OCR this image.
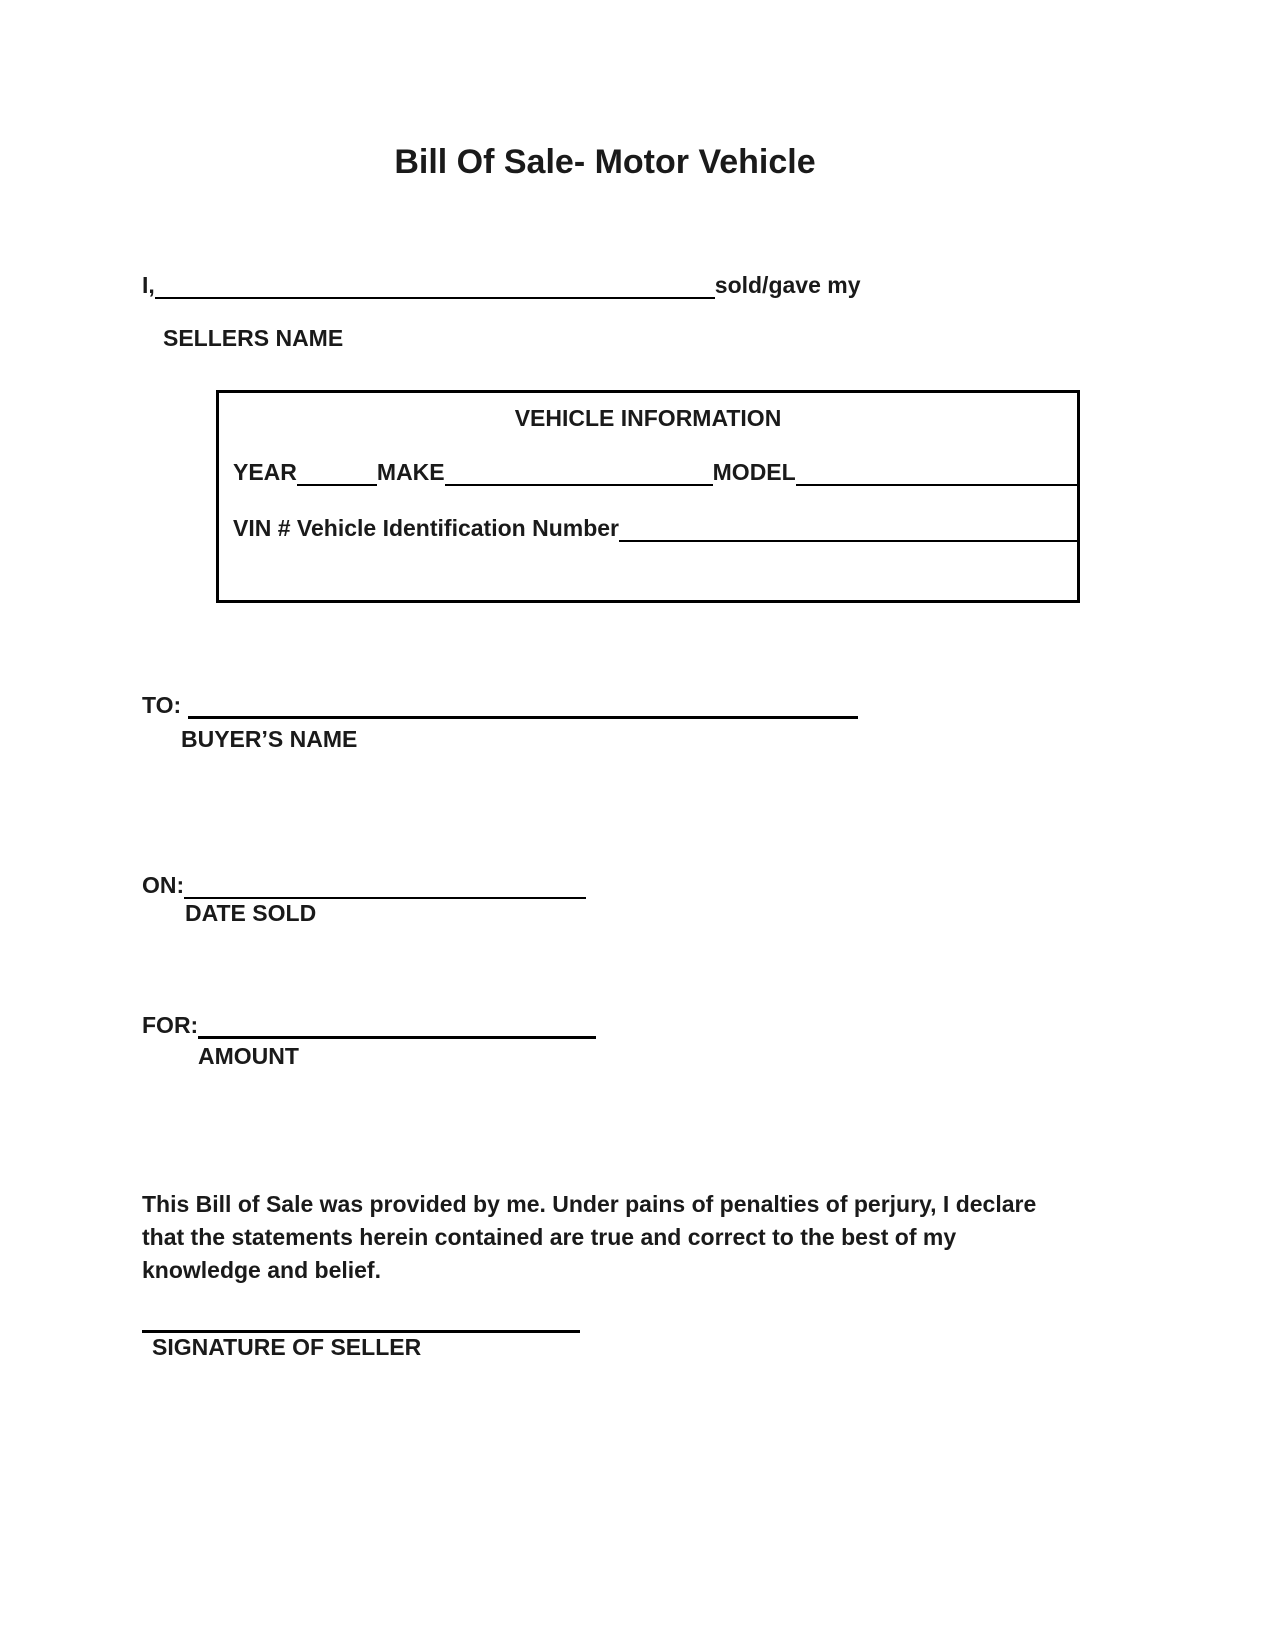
Bill Of Sale- Motor Vehicle
I,	sold/gave my
SELLERS NAME
VEHICLE INFORMATION
YEAR	MAKE	MODEL
VIN # Vehicle Identification Number
TO:
BUYER’S NAME
ON:
DATE SOLD
FOR:
AMOUNT
This Bill of Sale was provided by me. Under pains of penalties of perjury, I declare that the statements herein contained are true and correct to the best of my knowledge and belief.
SIGNATURE OF SELLER
